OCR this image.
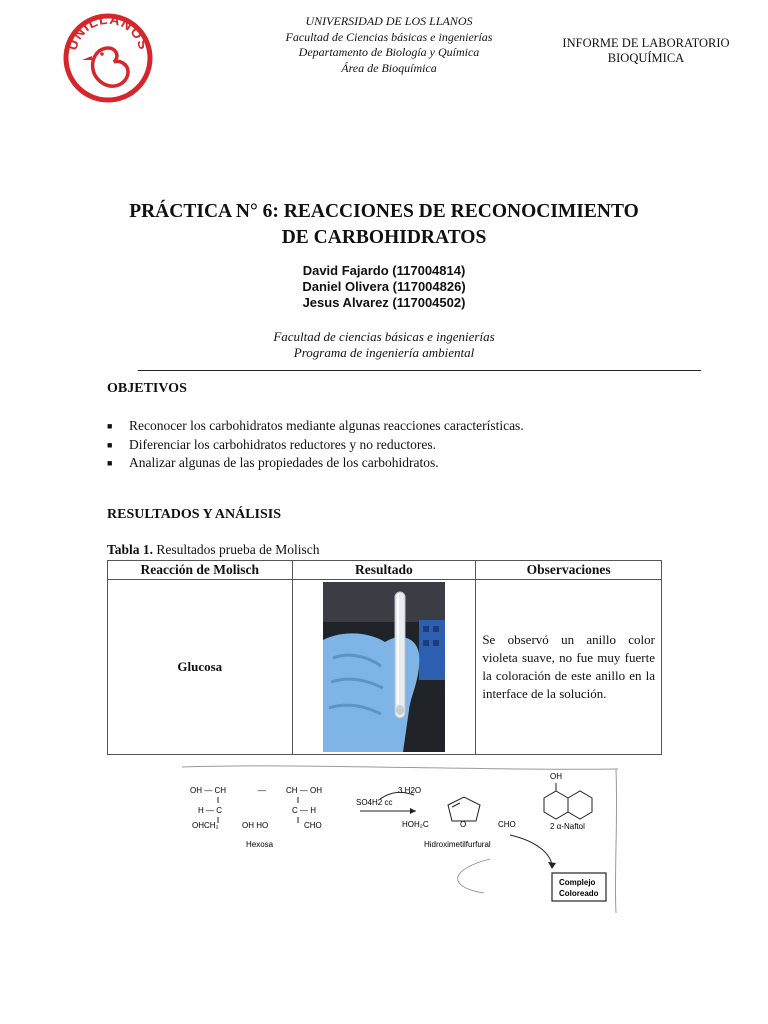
UNILLANOS
UNIVERSIDAD DE LOS LLANOS
Facultad de Ciencias básicas e ingenierías
Departamento de Biología y Química
Área de Bioquímica
INFORME DE LABORATORIO
BIOQUÍMICA
PRÁCTICA N° 6: REACCIONES DE RECONOCIMIENTO
DE CARBOHIDRATOS
David Fajardo (117004814)
Daniel Olivera (117004826)
Jesus Alvarez (117004502)
Facultad de ciencias básicas e ingenierías
Programa de ingeniería ambiental
OBJETIVOS
■ Reconocer los carbohidratos mediante algunas reacciones características.
■ Diferenciar los carbohidratos reductores y no reductores.
■ Analizar algunas de las propiedades de los carbohidratos.
RESULTADOS Y ANÁLISIS
Tabla 1. Resultados prueba de Molisch
Reacción de Molisch	Resultado	Observaciones
Glucosa		Se observó un anillo color violeta suave, no fue muy fuerte la coloración de este anillo en la interface de la solución.
OH — CH
H — C
OHCH₂	OH HO
—	CH — OH
C — H
CHO
Hexosa
3 H2O
SO4H2 cc
O
HOH₂C	CHO
Hidroximetilfurfural
OH
2 α-Naftol
Complejo
Coloreado
